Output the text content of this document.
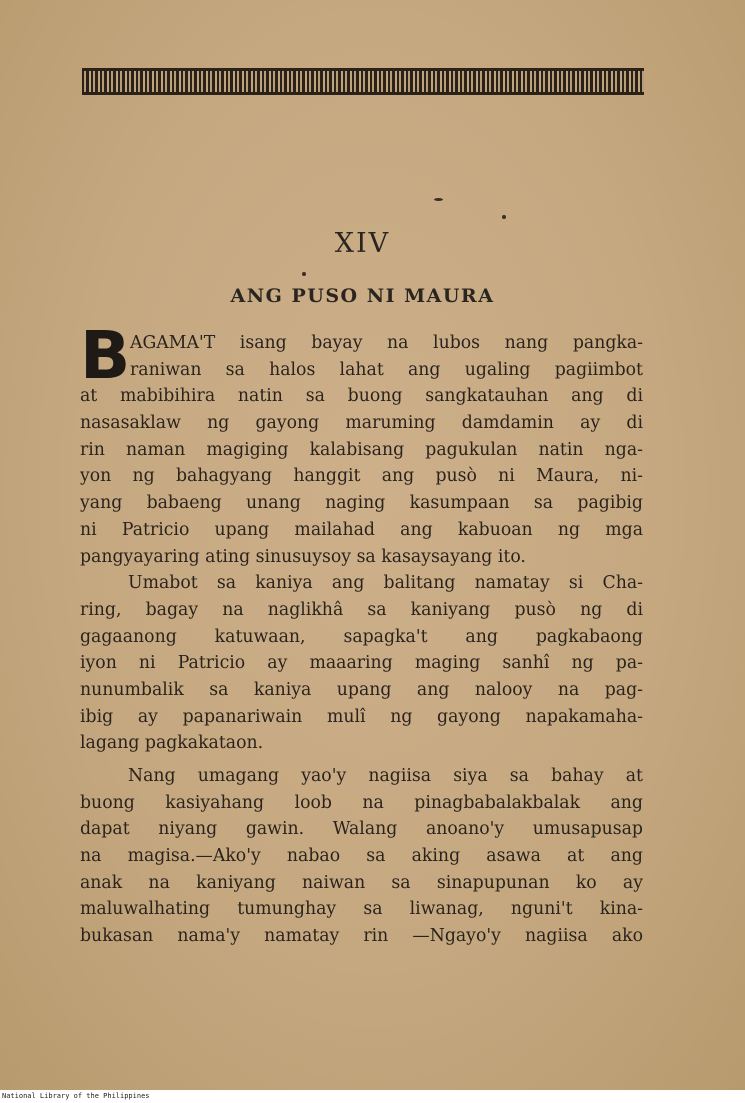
XIV
ANG PUSO NI MAURA
B AGAMA'T isang bayay na lubos nang pangka-
raniwan sa halos lahat ang ugaling pagiimbot
at mabibihira natin sa buong sangkatauhan ang di
nasasaklaw ng gayong maruming damdamin ay di
rin naman magiging kalabisang pagukulan natin nga-
yon ng bahagyang hanggit ang pusò ni Maura, ni-
yang babaeng unang naging kasumpaan sa pagibig
ni Patricio upang mailahad ang kabuoan ng mga
pangyayaring ating sinusuysoy sa kasaysayang ito.
Umabot sa kaniya ang balitang namatay si Cha-
ring, bagay na naglikhâ sa kaniyang pusò ng di
gagaanong katuwaan, sapagka't ang pagkabaong
iyon ni Patricio ay maaaring maging sanhî ng pa-
nunumbalik sa kaniya upang ang nalooy na pag-
ibig ay papanariwain mulî ng gayong napakamaha-
lagang pagkakataon.
Nang umagang yao'y nagiisa siya sa bahay at
buong kasiyahang loob na pinagbabalakbalak ang
dapat niyang gawin. Walang anoano'y umusapusap
na magisa.—Ako'y nabao sa aking asawa at ang
anak na kaniyang naiwan sa sinapupunan ko ay
maluwalhating tumunghay sa liwanag, nguni't kina-
bukasan nama'y namatay rin —Ngayo'y nagiisa ako
National Library of the Philippines
